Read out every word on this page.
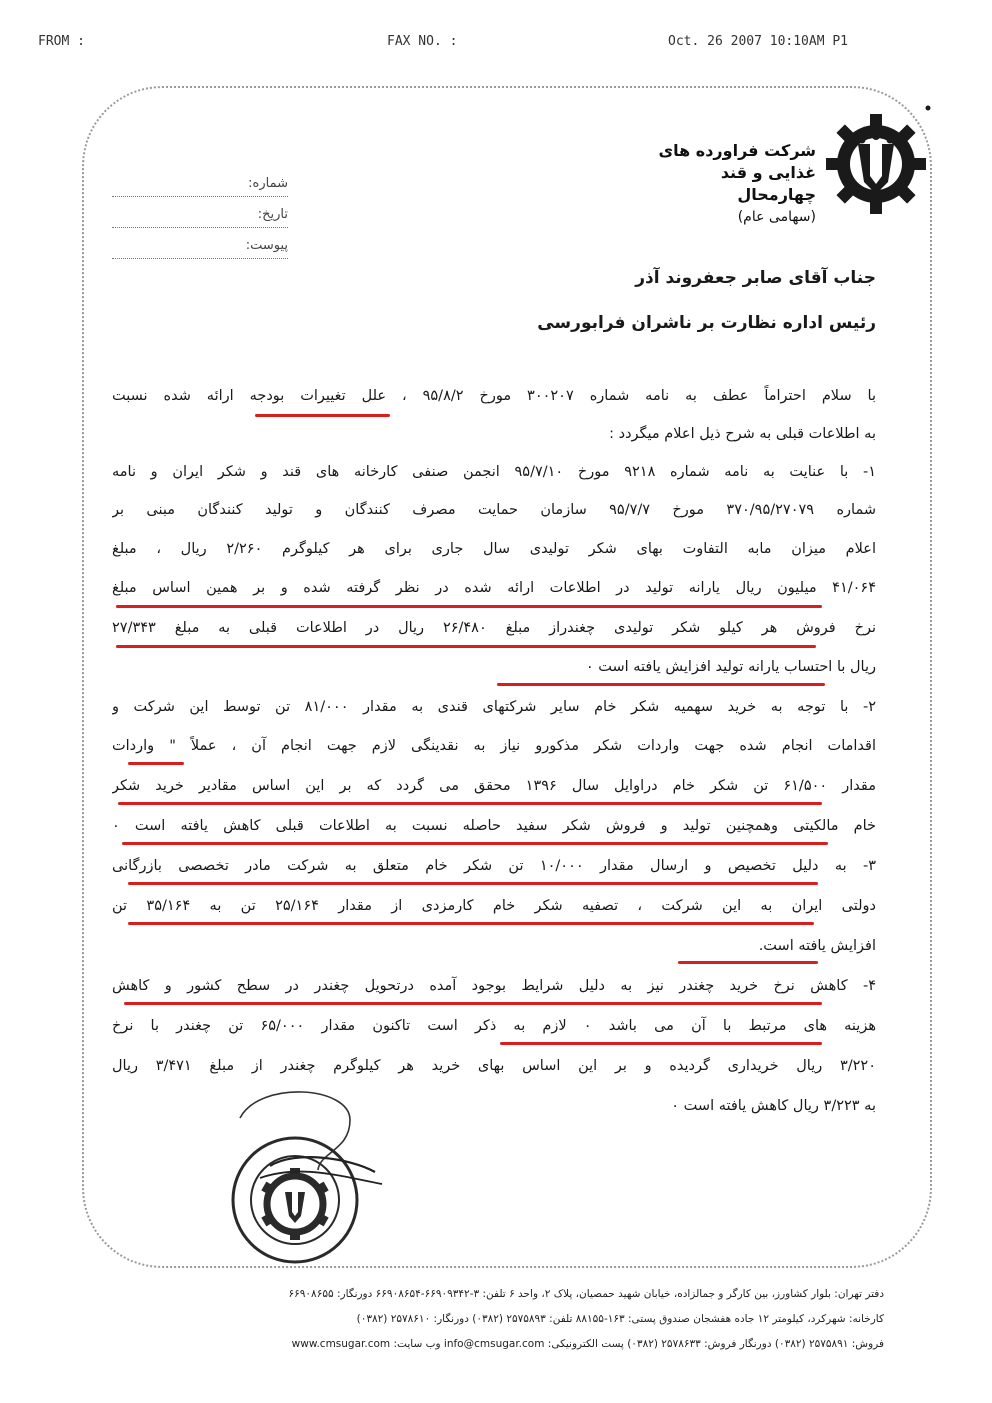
FROM :	FAX NO. :	Oct. 26 2007 10:10AM P1
شرکت فراورده های
غذایی و قند
چهارمحال
(سهامی عام)
شماره:
تاریخ:
پیوست:
جناب آقای صابر جعفروند آذر
رئیس اداره نظارت بر ناشران فرابورسی
با سلام احتراماً عطف به نامه شماره ۳۰۰۲۰۷ مورخ ۹۵/۸/۲ ، علل تغییرات بودجه ارائه شده نسبت
به اطلاعات قبلی به شرح ذیل اعلام میگردد :
۱- با عنایت به نامه شماره ۹۲۱۸ مورخ ۹۵/۷/۱۰ انجمن صنفی کارخانه های قند و شکر ایران و نامه
شماره ۳۷۰/۹۵/۲۷۰۷۹ مورخ ۹۵/۷/۷ سازمان حمایت مصرف کنندگان و تولید کنندگان مبنی بر
اعلام میزان مابه التفاوت بهای شکر تولیدی سال جاری برای هر کیلوگرم ۲/۲۶۰ ریال ، مبلغ
۴۱/۰۶۴ میلیون ریال یارانه تولید در اطلاعات ارائه شده در نظر گرفته شده و بر همین اساس مبلغ
نرخ فروش هر کیلو شکر تولیدی چغندراز مبلغ ۲۶/۴۸۰ ریال در اطلاعات قبلی به مبلغ ۲۷/۳۴۳
ریال با احتساب یارانه تولید افزایش یافته است ٠
۲- با توجه به خرید سهمیه شکر خام سایر شرکتهای قندی به مقدار ۸۱/۰۰۰ تن توسط این شرکت و
اقدامات انجام شده جهت واردات شکر مذکورو نیاز به نقدینگی لازم جهت انجام آن ، عملاً " واردات
مقدار ۶۱/۵۰۰ تن شکر خام دراوایل سال ۱۳۹۶ محقق می گردد که بر این اساس مقادیر خرید شکر
خام مالکیتی وهمچنین تولید و فروش شکر سفید حاصله نسبت به اطلاعات قبلی کاهش یافته است ٠
۳- به دلیل تخصیص و ارسال مقدار ۱۰/۰۰۰ تن شکر خام متعلق به شرکت مادر تخصصی بازرگانی
دولتی ایران به این شرکت ، تصفیه شکر خام کارمزدی از مقدار ۲۵/۱۶۴ تن به ۳۵/۱۶۴ تن
افزایش یافته است.
۴- کاهش نرخ خرید چغندر نیز به دلیل شرایط بوجود آمده درتحویل چغندر در سطح کشور و کاهش
هزینه های مرتبط با آن می باشد ٠ لازم به ذکر است تاکنون مقدار ۶۵/۰۰۰ تن چغندر با نرخ
۳/۲۲۰ ریال خریداری گردیده و بر این اساس بهای خرید هر کیلوگرم چغندر از مبلغ ۳/۴۷۱ ریال
به ۳/۲۲۳ ریال کاهش یافته است ٠
دفتر تهران: بلوار کشاورز، بین کارگر و جمالزاده، خیابان شهید حمصیان، پلاک ۲، واحد ۶ تلفن: ۳-۶۶۹۰۹۳۴۲-۶۶۹۰۸۶۵۴ دورنگار: ۶۶۹۰۸۶۵۵
کارخانه: شهرکرد، کیلومتر ۱۲ جاده هفشجان صندوق پستی: ۱۶۳-۸۸۱۵۵ تلفن: ۲۵۷۵۸۹۳ (۰۳۸۲) دورنگار: ۲۵۷۸۶۱۰ (۰۳۸۲)
فروش: ۲۵۷۵۸۹۱ (۰۳۸۲) دورنگار فروش: ۲۵۷۸۶۳۳ (۰۳۸۲) پست الکترونیکی: info@cmsugar.com وب سایت: www.cmsugar.com
